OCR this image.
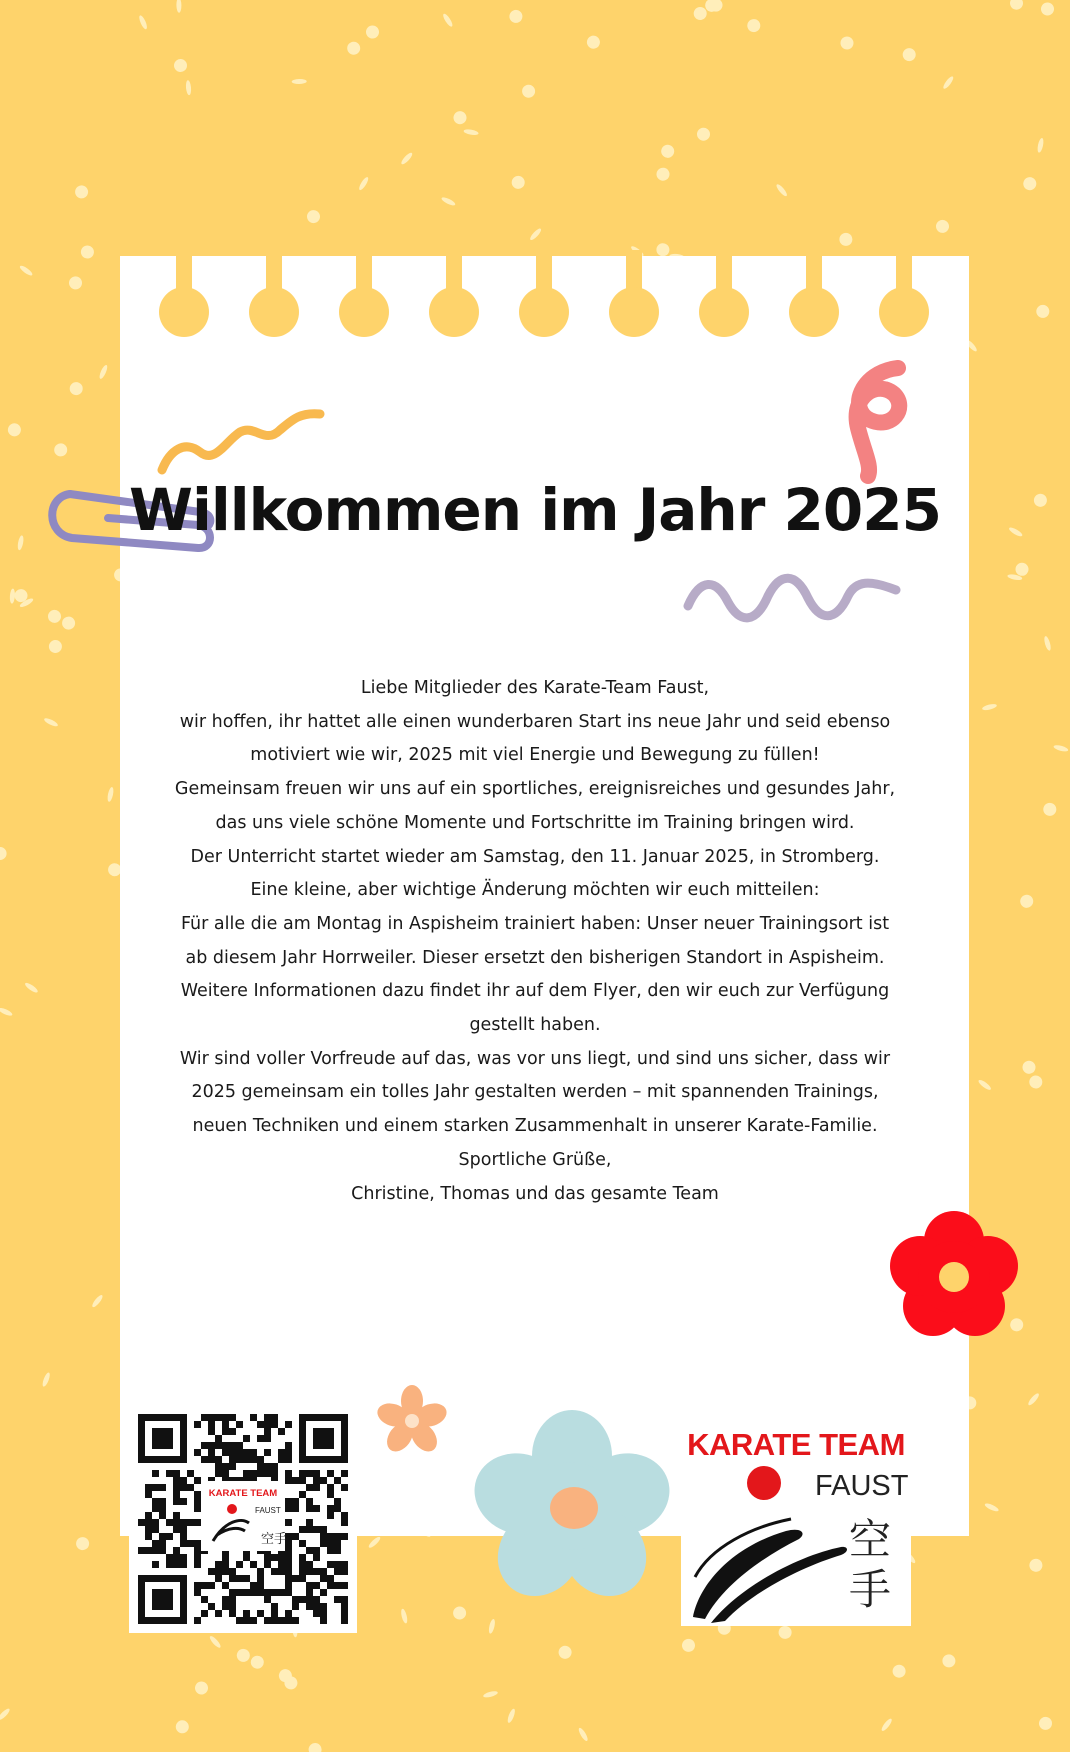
Willkommen im Jahr 2025
Liebe Mitglieder des Karate-Team Faust,
wir hoffen, ihr hattet alle einen wunderbaren Start ins neue Jahr und seid ebenso
motiviert wie wir, 2025 mit viel Energie und Bewegung zu füllen!
Gemeinsam freuen wir uns auf ein sportliches, ereignisreiches und gesundes Jahr,
das uns viele schöne Momente und Fortschritte im Training bringen wird.
Der Unterricht startet wieder am Samstag, den 11. Januar 2025, in Stromberg.
Eine kleine, aber wichtige Änderung möchten wir euch mitteilen:
Für alle die am Montag in Aspisheim trainiert haben: Unser neuer Trainingsort ist
ab diesem Jahr Horrweiler. Dieser ersetzt den bisherigen Standort in Aspisheim.
Weitere Informationen dazu findet ihr auf dem Flyer, den wir euch zur Verfügung
gestellt haben.
Wir sind voller Vorfreude auf das, was vor uns liegt, und sind uns sicher, dass wir
2025 gemeinsam ein tolles Jahr gestalten werden – mit spannenden Trainings,
neuen Techniken und einem starken Zusammenhalt in unserer Karate-Familie.
Sportliche Grüße,
Christine, Thomas und das gesamte Team
KARATE TEAM
FAUST
空手
KARATE TEAM
FAUST
空手
